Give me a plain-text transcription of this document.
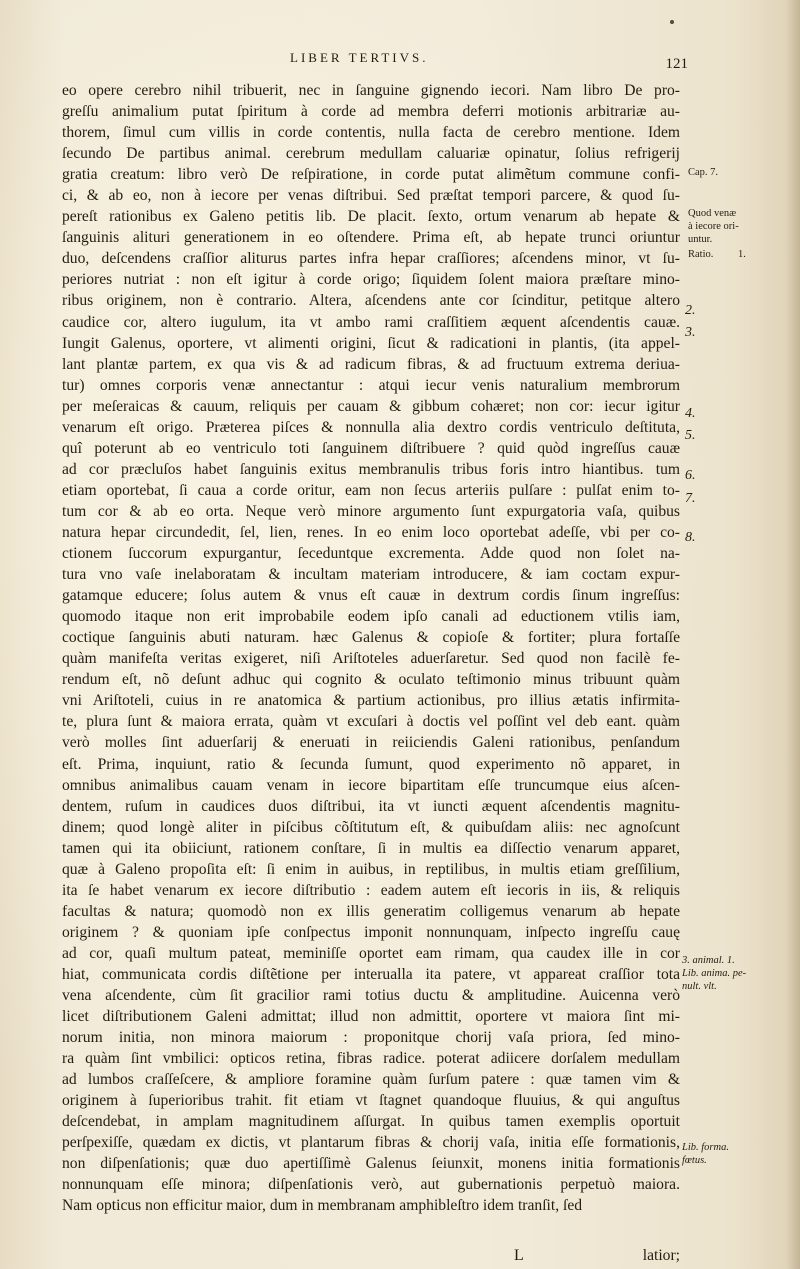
LIBER TERTIVS.	121
eo opere cerebro nihil tribuerit, nec in ſanguine gignendo iecori. Nam libro De pro-
greſſu animalium putat ſpiritum à corde ad membra deferri motionis arbitrariæ au-
thorem, ſimul cum villis in corde contentis, nulla facta de cerebro mentione. Idem
ſecundo De partibus animal. cerebrum medullam caluariæ opinatur, ſolius refrigerij
gratia creatum: libro verò De reſpiratione, in corde putat alimẽtum commune confi-
ci, & ab eo, non à iecore per venas diſtribui. Sed præſtat tempori parcere, & quod ſu-
pereſt rationibus ex Galeno petitis lib. De placit. ſexto, ortum venarum ab hepate &
ſanguinis alituri generationem in eo oſtendere. Prima eſt, ab hepate trunci oriuntur
duo, deſcendens craſſior aliturus partes infra hepar craſſiores; aſcendens minor, vt ſu-
periores nutriat : non eſt igitur à corde origo; ſiquidem ſolent maiora præſtare mino-
ribus originem, non è contrario. Altera, aſcendens ante cor ſcinditur, petitque altero
caudice cor, altero iugulum, ita vt ambo rami craſſitiem æquent aſcendentis cauæ.
Iungit Galenus, oportere, vt alimenti origini, ſicut & radicationi in plantis, (ita appel-
lant plantæ partem, ex qua vis & ad radicum fibras, & ad fructuum extrema deriua-
tur) omnes corporis venæ annectantur : atqui iecur venis naturalium membrorum
per meſeraicas & cauum, reliquis per cauam & gibbum cohæret; non cor: iecur igitur
venarum eſt origo. Præterea piſces & nonnulla alia dextro cordis ventriculo deſtituta,
quî poterunt ab eo ventriculo toti ſanguinem diſtribuere ? quid quòd ingreſſus cauæ
ad cor præcluſos habet ſanguinis exitus membranulis tribus foris intro hiantibus. tum
etiam oportebat, ſi caua a corde oritur, eam non ſecus arteriis pulſare : pulſat enim to-
tum cor & ab eo orta. Neque verò minore argumento ſunt expurgatoria vaſa, quibus
natura hepar circundedit, ſel, lien, renes. In eo enim loco oportebat adeſſe, vbi per co-
ctionem ſuccorum expurgantur, ſeceduntque excrementa. Adde quod non ſolet na-
tura vno vaſe inelaboratam & incultam materiam introducere, & iam coctam expur-
gatamque educere; ſolus autem & vnus eſt cauæ in dextrum cordis ſinum ingreſſus:
quomodo itaque non erit improbabile eodem ipſo canali ad eductionem vtilis iam,
coctique ſanguinis abuti naturam. hæc Galenus & copioſe & fortiter; plura fortaſſe
quàm manifeſta veritas exigeret, niſi Ariſtoteles aduerſaretur. Sed quod non facilè fe-
rendum eſt, nõ deſunt adhuc qui cognito & oculato teſtimonio minus tribuunt quàm
vni Ariſtoteli, cuius in re anatomica & partium actionibus, pro illius ætatis infirmita-
te, plura ſunt & maiora errata, quàm vt excuſari à doctis vel poſſint vel deb eant. quàm
verò molles ſint aduerſarij & eneruati in reiiciendis Galeni rationibus, penſandum
eſt. Prima, inquiunt, ratio & ſecunda ſumunt, quod experimento nõ apparet, in
omnibus animalibus cauam venam in iecore bipartitam eſſe truncumque eius aſcen-
dentem, ruſum in caudices duos diſtribui, ita vt iuncti æquent aſcendentis magnitu-
dinem; quod longè aliter in piſcibus cõſtitutum eſt, & quibuſdam aliis: nec agnoſcunt
tamen qui ita obiiciunt, rationem conſtare, ſi in multis ea diſſectio venarum apparet,
quæ à Galeno propoſita eſt: ſi enim in auibus, in reptilibus, in multis etiam greſſilium,
ita ſe habet venarum ex iecore diſtributio : eadem autem eſt iecoris in iis, & reliquis
facultas & natura; quomodò non ex illis generatim colligemus venarum ab hepate
originem ? & quoniam ipſe conſpectus imponit nonnunquam, inſpecto ingreſſu cauę
ad cor, quaſi multum pateat, meminiſſe oportet eam rimam, qua caudex ille in cor
hiat, communicata cordis diſtẽtione per interualla ita patere, vt appareat craſſior tota
vena aſcendente, cùm ſit gracilior rami totius ductu & amplitudine. Auicenna verò
licet diſtributionem Galeni admittat; illud non admittit, oportere vt maiora ſint mi-
norum initia, non minora maiorum : proponitque chorij vaſa priora, ſed mino-
ra quàm ſint vmbilici: opticos retina, fibras radice. poterat adiicere dorſalem medullam
ad lumbos craſſeſcere, & ampliore foramine quàm ſurſum patere : quæ tamen vim &
originem à ſuperioribus trahit. fit etiam vt ſtagnet quandoque fluuius, & qui anguſtus
deſcendebat, in amplam magnitudinem aſſurgat. In quibus tamen exemplis oportuit
perſpexiſſe, quædam ex dictis, vt plantarum fibras & chorij vaſa, initia eſſe formationis,
non diſpenſationis; quæ duo apertiſſimè Galenus ſeiunxit, monens initia formationis
nonnunquam eſſe minora; diſpenſationis verò, aut gubernationis perpetuò maiora.
Nam opticus non efficitur maior, dum in membranam amphibleſtro idem tranſit, ſed
Cap. 7.
Quod venæ
à iecore ori-
untur.
Ratio. 1.
3. animal. 1.
Lib. anima. pe-
nult. vlt.
Lib. forma.
fœtus.
2.
3.
4.
5.
6.
7.
8.
L	latior;
